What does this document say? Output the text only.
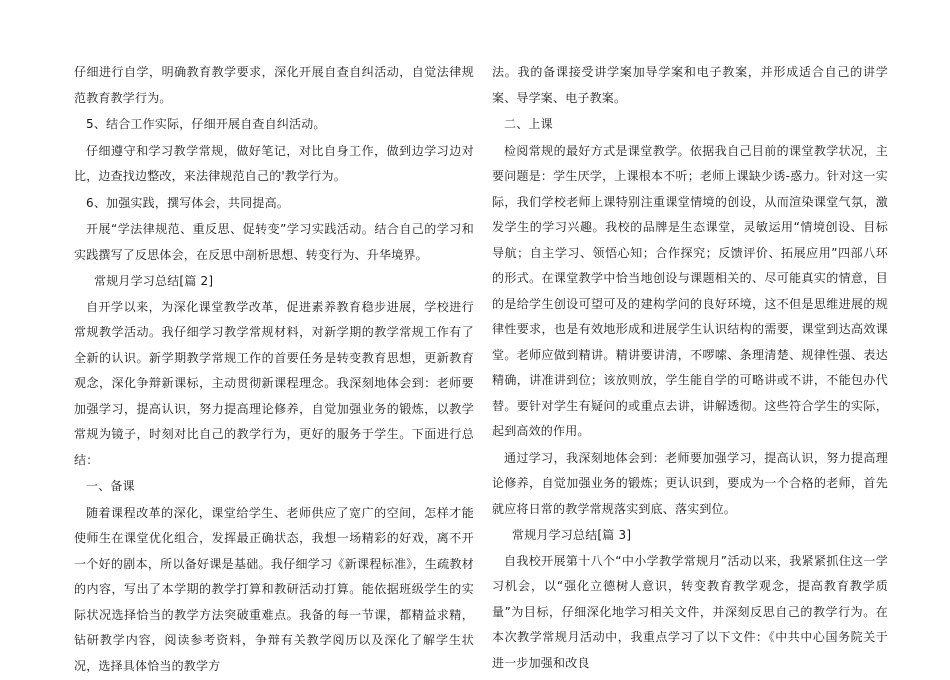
仔细进行自学，明确教育教学要求，深化开展自查自纠活动，自觉法律规范教育教学行为。

5、结合工作实际，仔细开展自查自纠活动。

仔细遵守和学习教学常规，做好笔记，对比自身工作，做到边学习边对比，边查找边整改，来法律规范自己的'教学行为。

6、加强实践，撰写体会，共同提高。

开展“学法律规范、重反思、促转变”学习实践活动。结合自己的学习和实践撰写了反思体会，在反思中剖析思想、转变行为、升华境界。

常规月学习总结[篇 2]

自开学以来，为深化课堂教学改革，促进素养教育稳步进展，学校进行常规教学活动。我仔细学习教学常规材料，对新学期的教学常规工作有了全新的认识。新学期教学常规工作的首要任务是转变教育思想，更新教育观念，深化争辩新课标，主动贯彻新课程理念。我深刻地体会到：老师要加强学习，提高认识，努力提高理论修养，自觉加强业务的锻炼，以教学常规为镜子，时刻对比自己的教学行为，更好的服务于学生。下面进行总结：

一、备课

随着课程改革的深化，课堂给学生、老师供应了宽广的空间，怎样才能使师生在课堂优化组合，发挥最正确状态，我想一场精彩的好戏，离不开一个好的剧本，所以备好课是基础。我仔细学习《新课程标准》，生疏教材的内容，写出了本学期的教学打算和教研活动打算。能依据班级学生的实际状况选择恰当的教学方法突破重难点。我备的每一节课，都精益求精，钻研教学内容，阅读参考资料，争辩有关教学阅历以及深化了解学生状况，选择具体恰当的教学方

法。我的备课接受讲学案加导学案和电子教案，并形成适合自己的讲学案、导学案、电子教案。

二、上课

检阅常规的最好方式是课堂教学。依据我自己目前的课堂教学状况，主要问题是：学生厌学，上课根本不听；老师上课缺少诱-惑力。针对这一实际，我们学校老师上课特别注重课堂情境的创设，从而渲染课堂气氛，激发学生的学习兴趣。我校的品牌是生态课堂，灵敏运用“情境创设、目标导航；自主学习、领悟心知；合作探究；反馈评价、拓展应用”四部八环的形式。在课堂教学中恰当地创设与课题相关的、尽可能真实的情意，目的是给学生创设可望可及的建构学问的良好环境，这不但是思维进展的规律性要求，也是有效地形成和进展学生认识结构的需要，课堂到达高效课堂。老师应做到精讲。精讲要讲清，不啰嗦、条理清楚、规律性强、表达精确，讲准讲到位；该放则放，学生能自学的可略讲或不讲，不能包办代替。要针对学生有疑问的或重点去讲，讲解透彻。这些符合学生的实际，起到高效的作用。

通过学习，我深刻地体会到：老师要加强学习，提高认识，努力提高理论修养，自觉加强业务的锻炼；更认识到，要成为一个合格的老师，首先就应将日常的教学常规落实到底、落实到位。

常规月学习总结[篇 3]

自我校开展第十八个“中小学教学常规月”活动以来，我紧紧抓住这一学习机会，以“强化立德树人意识，转变教育教学观念，提高教育教学质量”为目标，仔细深化地学习相关文件，并深刻反思自己的教学行为。在本次教学常规月活动中，我重点学习了以下文件：《中共中心国务院关于进一步加强和改良
